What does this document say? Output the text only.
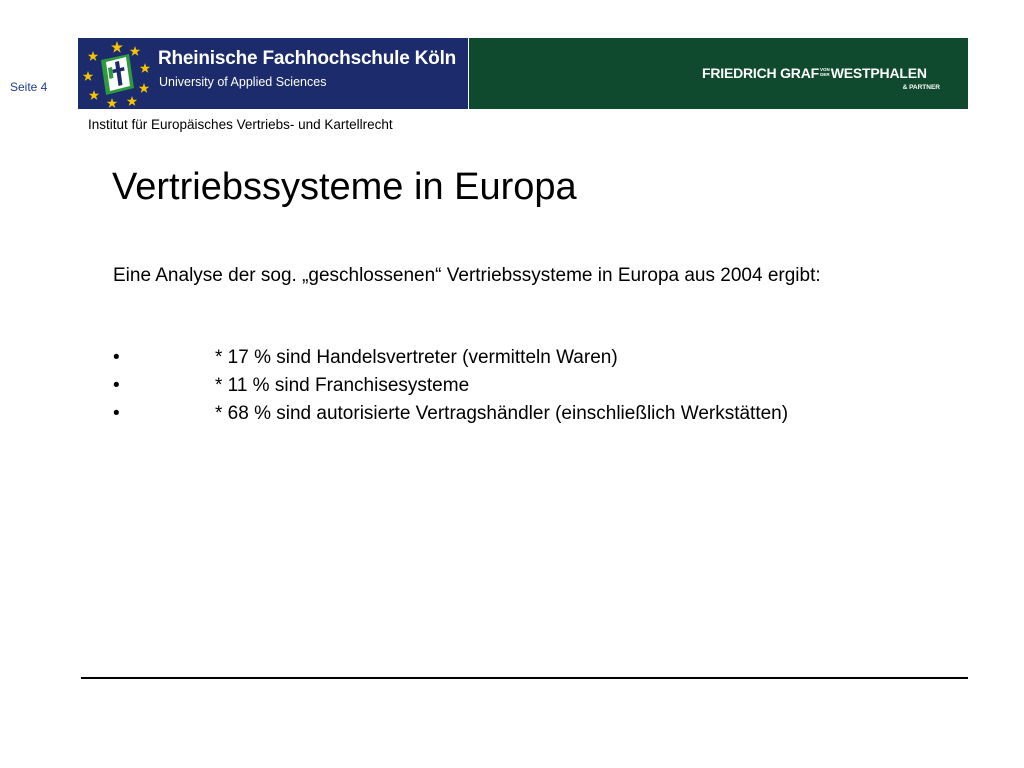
Seite 4
Rheinische Fachhochschule Köln
University of Applied Sciences
FRIEDRICH GRAFVON
DERWESTPHALEN
& PARTNER
Institut für Europäisches Vertriebs- und Kartellrecht
Vertriebssysteme in Europa

Eine Analyse der sog. „geschlossenen“ Vertriebssysteme in Europa aus 2004 ergibt:

•	* 17 % sind Handelsvertreter (vermitteln Waren)
•	* 11 % sind Franchisesysteme
•	* 68 % sind autorisierte Vertragshändler (einschließlich Werkstätten)
